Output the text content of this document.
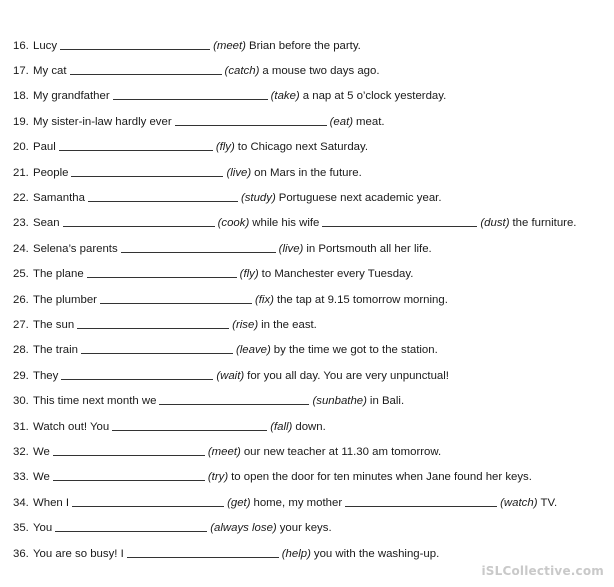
16. Lucy	(meet) Brian before the party.
17. My cat	(catch) a mouse two days ago.
18. My grandfather	(take) a nap at 5 o’clock yesterday.
19. My sister-in-law hardly ever	(eat) meat.
20. Paul	(fly) to Chicago next Saturday.
21. People	(live) on Mars in the future.
22. Samantha	(study) Portuguese next academic year.
23. Sean	(cook) while his wife	(dust) the furniture.
24. Selena’s parents	(live) in Portsmouth all her life.
25. The plane	(fly) to Manchester every Tuesday.
26. The plumber	(fix) the tap at 9.15 tomorrow morning.
27. The sun	(rise) in the east.
28. The train	(leave) by the time we got to the station.
29. They	(wait) for you all day. You are very unpunctual!
30. This time next month we	(sunbathe) in Bali.
31. Watch out! You	(fall) down.
32. We	(meet) our new teacher at 11.30 am tomorrow.
33. We	(try) to open the door for ten minutes when Jane found her keys.
34. When I	(get) home, my mother	(watch) TV.
35. You	(always lose) your keys.
36. You are so busy! I	(help) you with the washing-up.
iSLCollective.com
